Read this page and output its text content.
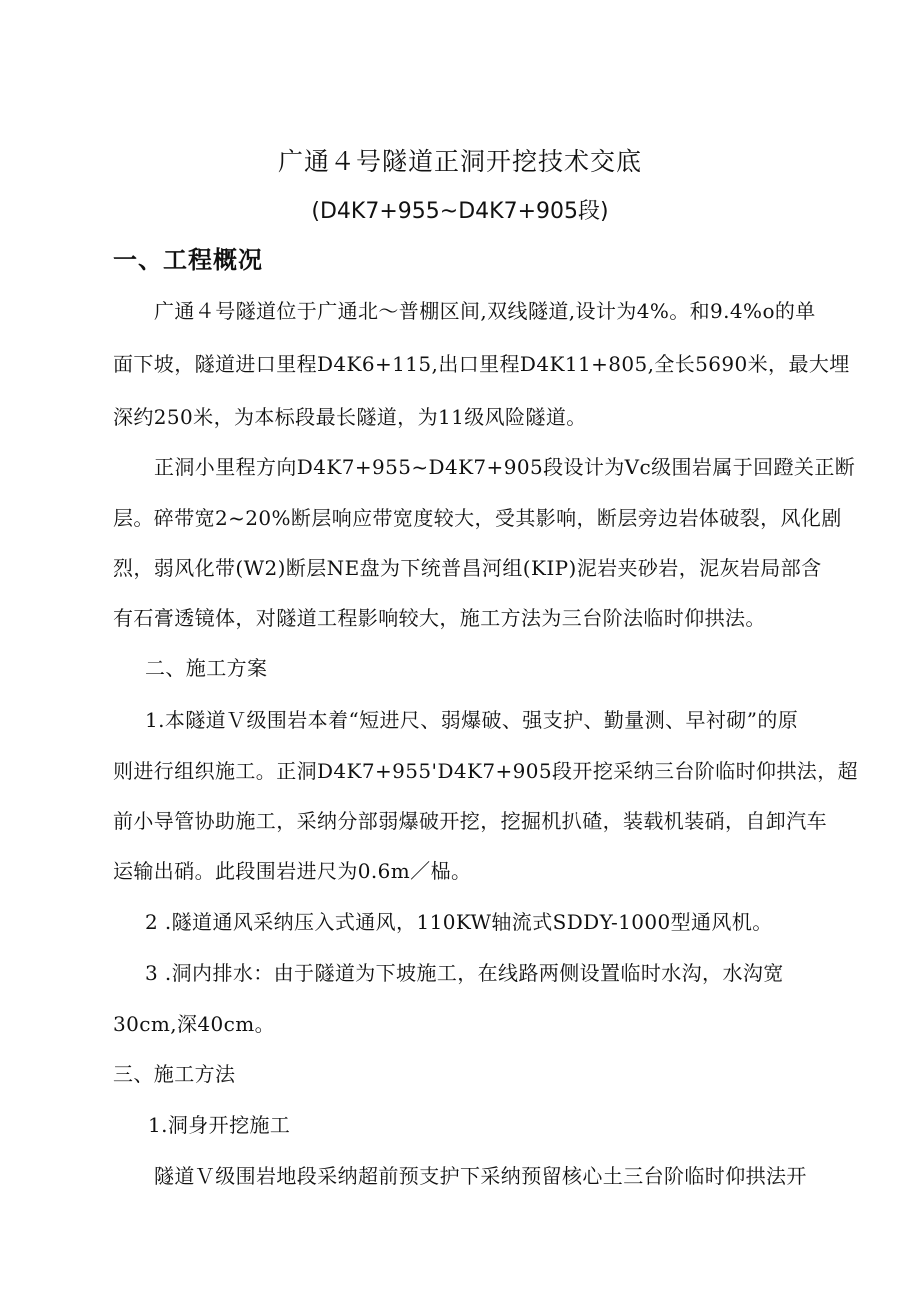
广通４号隧道正洞开挖技术交底
(D4K7+955~D4K7+905段)
一、工程概况
广通４号隧道位于广通北～普棚区间,双线隧道,设计为4%。和9.4%o的单
面下坡，隧道进口里程D4K6+115,出口里程D4K11+805,全长5690米，最大埋
深约250米，为本标段最长隧道，为11级风险隧道。
正洞小里程方向D4K7+955~D4K7+905段设计为Vc级围岩属于回蹬关正断
层。碎带宽2~20%断层响应带宽度较大，受其影响，断层旁边岩体破裂，风化剧
烈，弱风化带(W2)断层NE盘为下统普昌河组(KIP)泥岩夹砂岩，泥灰岩局部含
有石膏透镜体，对隧道工程影响较大，施工方法为三台阶法临时仰拱法。
二、施工方案
1.本隧道Ｖ级围岩本着“短进尺、弱爆破、强支护、勤量测、早衬砌”的原
则进行组织施工。正洞D4K7+955'D4K7+905段开挖采纳三台阶临时仰拱法，超
前小导管协助施工，采纳分部弱爆破开挖，挖掘机扒碴，装载机装硝，自卸汽车
运输出硝。此段围岩进尺为0.6m／榀。
2 .隧道通风采纳压入式通风，110KW轴流式SDDY-1000型通风机。
3 .洞内排水：由于隧道为下坡施工，在线路两侧设置临时水沟，水沟宽
30cm,深40cm。
三、施工方法
1.洞身开挖施工
隧道Ｖ级围岩地段采纳超前预支护下采纳预留核心土三台阶临时仰拱法开
